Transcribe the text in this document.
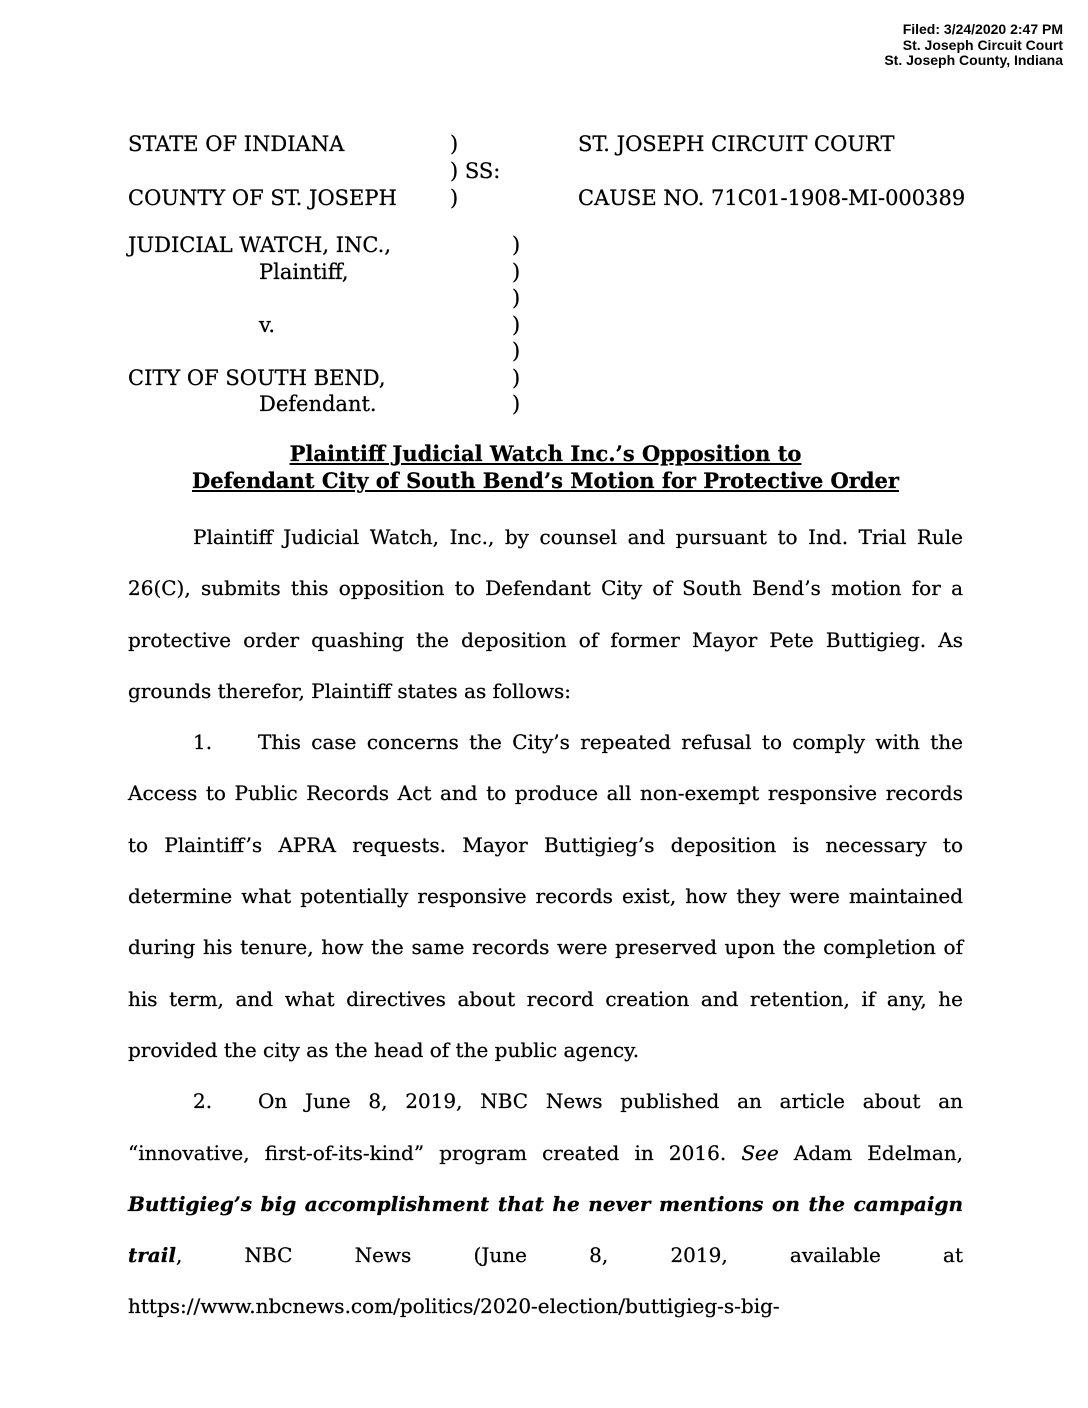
Filed: 3/24/2020 2:47 PM
St. Joseph Circuit Court
St. Joseph County, Indiana
STATE OF INDIANA	)	ST. JOSEPH CIRCUIT COURT
) SS:
COUNTY OF ST. JOSEPH	)	CAUSE NO. 71C01-1908-MI-000389
JUDICIAL WATCH, INC.,	)
Plaintiff,	)
)
v.	)
)
CITY OF SOUTH BEND,	)
Defendant.	)
Plaintiff Judicial Watch Inc.’s Opposition to
Defendant City of South Bend’s Motion for Protective Order

Plaintiff Judicial Watch, Inc., by counsel and pursuant to Ind. Trial Rule 26(C), submits this opposition to Defendant City of South Bend’s motion for a protective order quashing the deposition of former Mayor Pete Buttigieg. As grounds therefor, Plaintiff states as follows:

1. This case concerns the City’s repeated refusal to comply with the Access to Public Records Act and to produce all non-exempt responsive records to Plaintiff’s APRA requests. Mayor Buttigieg’s deposition is necessary to determine what potentially responsive records exist, how they were maintained during his tenure, how the same records were preserved upon the completion of his term, and what directives about record creation and retention, if any, he provided the city as the head of the public agency.

2. On June 8, 2019, NBC News published an article about an “innovative, first-of-its-kind” program created in 2016. See Adam Edelman, Buttigieg’s big accomplishment that he never mentions on the campaign trail, NBC News (June 8, 2019, available at https://www.nbcnews.com/politics/2020-election/buttigieg-s-big-
